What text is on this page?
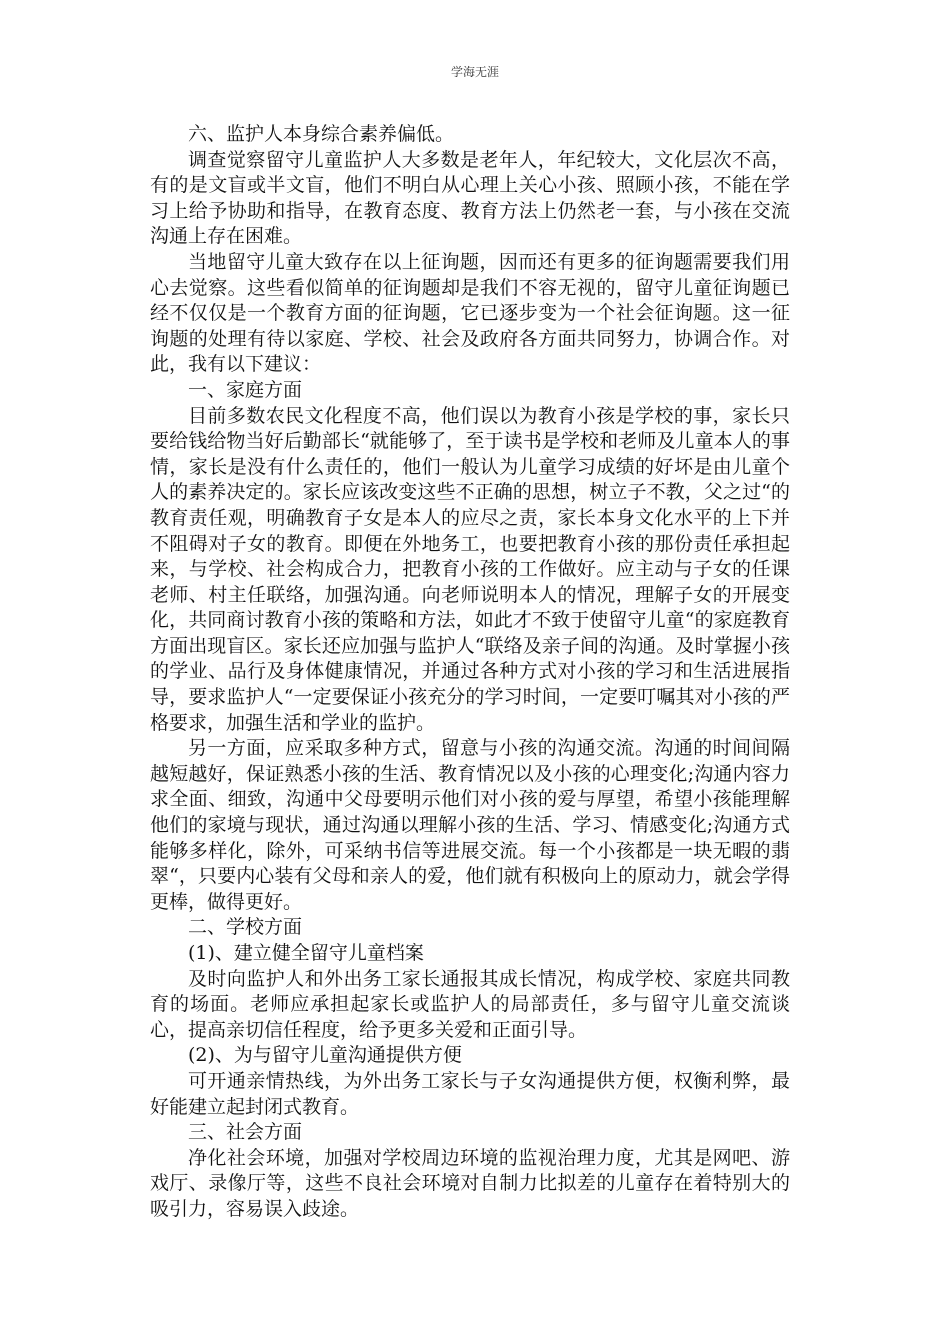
学海无涯

六、监护人本身综合素养偏低。

调查觉察留守儿童监护人大多数是老年人，年纪较大，文化层次不高，有的是文盲或半文盲，他们不明白从心理上关心小孩、照顾小孩，不能在学习上给予协助和指导，在教育态度、教育方法上仍然老一套，与小孩在交流沟通上存在困难。

当地留守儿童大致存在以上征询题，因而还有更多的征询题需要我们用心去觉察。这些看似简单的征询题却是我们不容无视的，留守儿童征询题已经不仅仅是一个教育方面的征询题，它已逐步变为一个社会征询题。这一征询题的处理有待以家庭、学校、社会及政府各方面共同努力，协调合作。对此，我有以下建议：

一、家庭方面

目前多数农民文化程度不高，他们误以为教育小孩是学校的事，家长只要给钱给物当好后勤部长“就能够了，至于读书是学校和老师及儿童本人的事情，家长是没有什么责任的，他们一般认为儿童学习成绩的好坏是由儿童个人的素养决定的。家长应该改变这些不正确的思想，树立子不教，父之过“的教育责任观，明确教育子女是本人的应尽之责，家长本身文化水平的上下并不阻碍对子女的教育。即便在外地务工，也要把教育小孩的那份责任承担起来，与学校、社会构成合力，把教育小孩的工作做好。应主动与子女的任课老师、村主任联络，加强沟通。向老师说明本人的情况，理解子女的开展变化，共同商讨教育小孩的策略和方法，如此才不致于使留守儿童“的家庭教育方面出现盲区。家长还应加强与监护人“联络及亲子间的沟通。及时掌握小孩的学业、品行及身体健康情况，并通过各种方式对小孩的学习和生活进展指导，要求监护人“一定要保证小孩充分的学习时间，一定要叮嘱其对小孩的严格要求，加强生活和学业的监护。

另一方面，应采取多种方式，留意与小孩的沟通交流。沟通的时间间隔越短越好，保证熟悉小孩的生活、教育情况以及小孩的心理变化;沟通内容力求全面、细致，沟通中父母要明示他们对小孩的爱与厚望，希望小孩能理解他们的家境与现状，通过沟通以理解小孩的生活、学习、情感变化;沟通方式能够多样化，除外，可采纳书信等进展交流。每一个小孩都是一块无暇的翡翠“，只要内心装有父母和亲人的爱，他们就有积极向上的原动力，就会学得更棒，做得更好。

二、学校方面

(1)、建立健全留守儿童档案

及时向监护人和外出务工家长通报其成长情况，构成学校、家庭共同教育的场面。老师应承担起家长或监护人的局部责任，多与留守儿童交流谈心，提高亲切信任程度，给予更多关爱和正面引导。

(2)、为与留守儿童沟通提供方便

可开通亲情热线，为外出务工家长与子女沟通提供方便，权衡利弊，最好能建立起封闭式教育。

三、社会方面

净化社会环境，加强对学校周边环境的监视治理力度，尤其是网吧、游戏厅、录像厅等，这些不良社会环境对自制力比拟差的儿童存在着特别大的吸引力，容易误入歧途。
